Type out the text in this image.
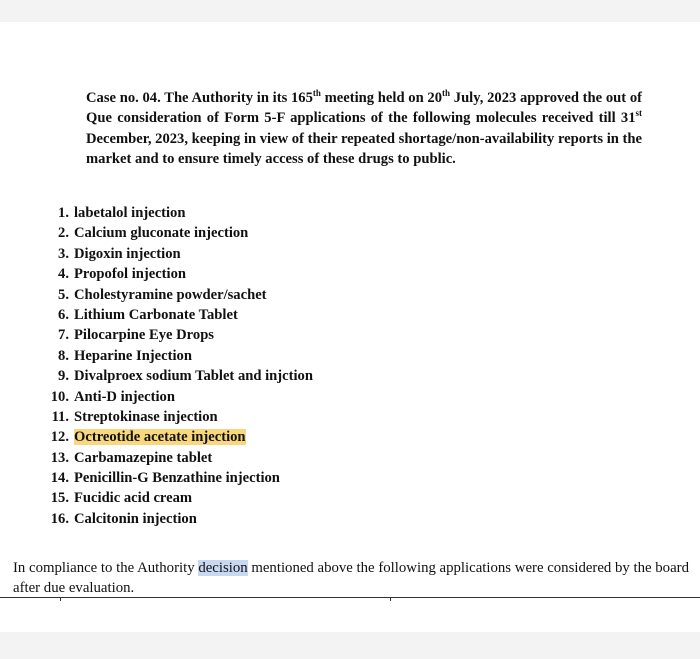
Case no. 04. The Authority in its 165th meeting held on 20th July, 2023 approved the out of Que consideration of Form 5-F applications of the following molecules received till 31st December, 2023, keeping in view of their repeated shortage/non-availability reports in the market and to ensure timely access of these drugs to public.

1. labetalol injection
2. Calcium gluconate injection
3. Digoxin injection
4. Propofol injection
5. Cholestyramine powder/sachet
6. Lithium Carbonate Tablet
7. Pilocarpine Eye Drops
8. Heparine Injection
9. Divalproex sodium Tablet and injction
10. Anti-D injection
11. Streptokinase injection
12. Octreotide acetate injection
13. Carbamazepine tablet
14. Penicillin-G Benzathine injection
15. Fucidic acid cream
16. Calcitonin injection

In compliance to the Authority decision mentioned above the following applications were considered by the board after due evaluation.
